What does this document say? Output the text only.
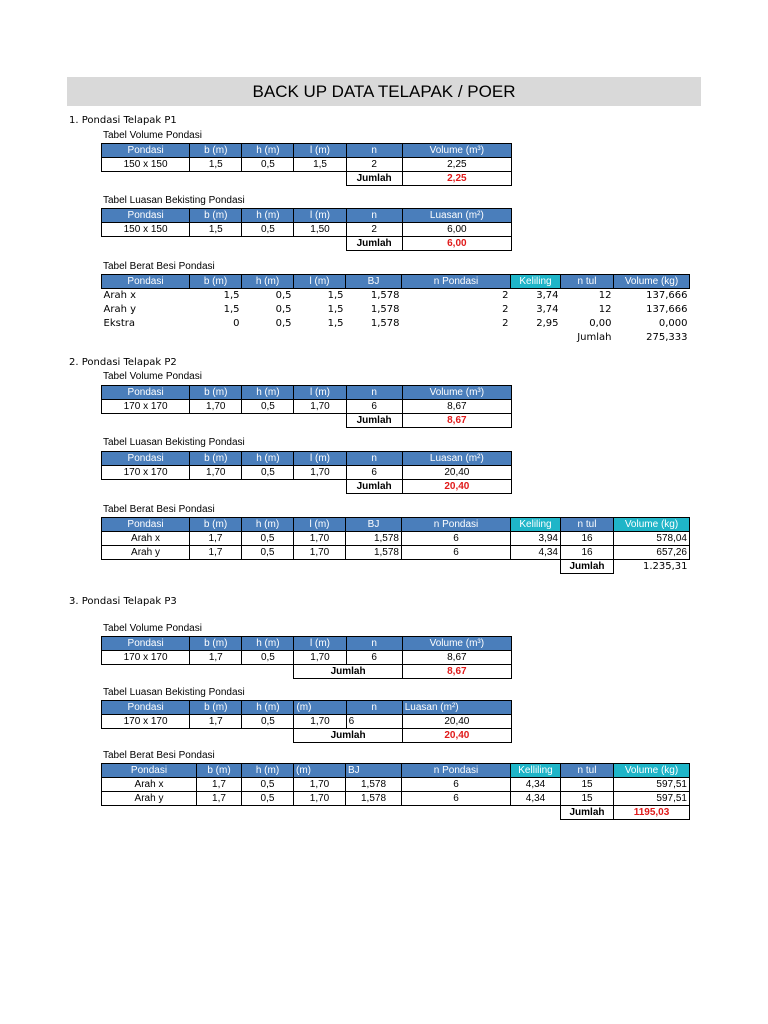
BACK UP DATA TELAPAK / POER
1. Pondasi Telapak P1
Tabel Volume Pondasi
Pondasi	b (m)	h (m)	l (m)	n	Volume (m³)
150 x 150	1,5	0,5	1,5	2	2,25
				Jumlah	2,25
Tabel Luasan Bekisting Pondasi
Pondasi	b (m)	h (m)	l (m)	n	Luasan (m²)
150 x 150	1,5	0,5	1,50	2	6,00
				Jumlah	6,00
Tabel Berat Besi Pondasi
Pondasi	b (m)	h (m)	l (m)	BJ	n Pondasi	Keliling	n tul	Volume (kg)
Arah x	1,5	0,5	1,5	1,578	2	3,74	12	137,666
Arah y	1,5	0,5	1,5	1,578	2	3,74	12	137,666
Ekstra	0	0,5	1,5	1,578	2	2,95	0,00	0,000
							Jumlah	275,333
2. Pondasi Telapak P2
Tabel Volume Pondasi
Pondasi	b (m)	h (m)	l (m)	n	Volume (m³)
170 x 170	1,70	0,5	1,70	6	8,67
				Jumlah	8,67
Tabel Luasan Bekisting Pondasi
Pondasi	b (m)	h (m)	l (m)	n	Luasan (m²)
170 x 170	1,70	0,5	1,70	6	20,40
				Jumlah	20,40
Tabel Berat Besi Pondasi
Pondasi	b (m)	h (m)	l (m)	BJ	n Pondasi	Keliling	n tul	Volume (kg)
Arah x	1,7	0,5	1,70	1,578	6	3,94	16	578,04
Arah y	1,7	0,5	1,70	1,578	6	4,34	16	657,26
							Jumlah	1.235,31
3. Pondasi Telapak P3
Tabel Volume Pondasi
Pondasi	b (m)	h (m)	l (m)	n	Volume (m³)
170 x 170	1,7	0,5	1,70	6	8,67
			Jumlah		8,67
Tabel Luasan Bekisting Pondasi
Pondasi	b (m)	h (m)	(m)	n	Luasan (m²)
170 x 170	1,7	0,5	1,70	6	20,40
			Jumlah		20,40
Tabel Berat Besi Pondasi
Pondasi	b (m)	h (m)	(m)	BJ	n Pondasi	Kelliling	n tul	Volume (kg)
Arah x	1,7	0,5	1,70	1,578	6	4,34	15	597,51
Arah y	1,7	0,5	1,70	1,578	6	4,34	15	597,51
							Jumlah	1195,03
